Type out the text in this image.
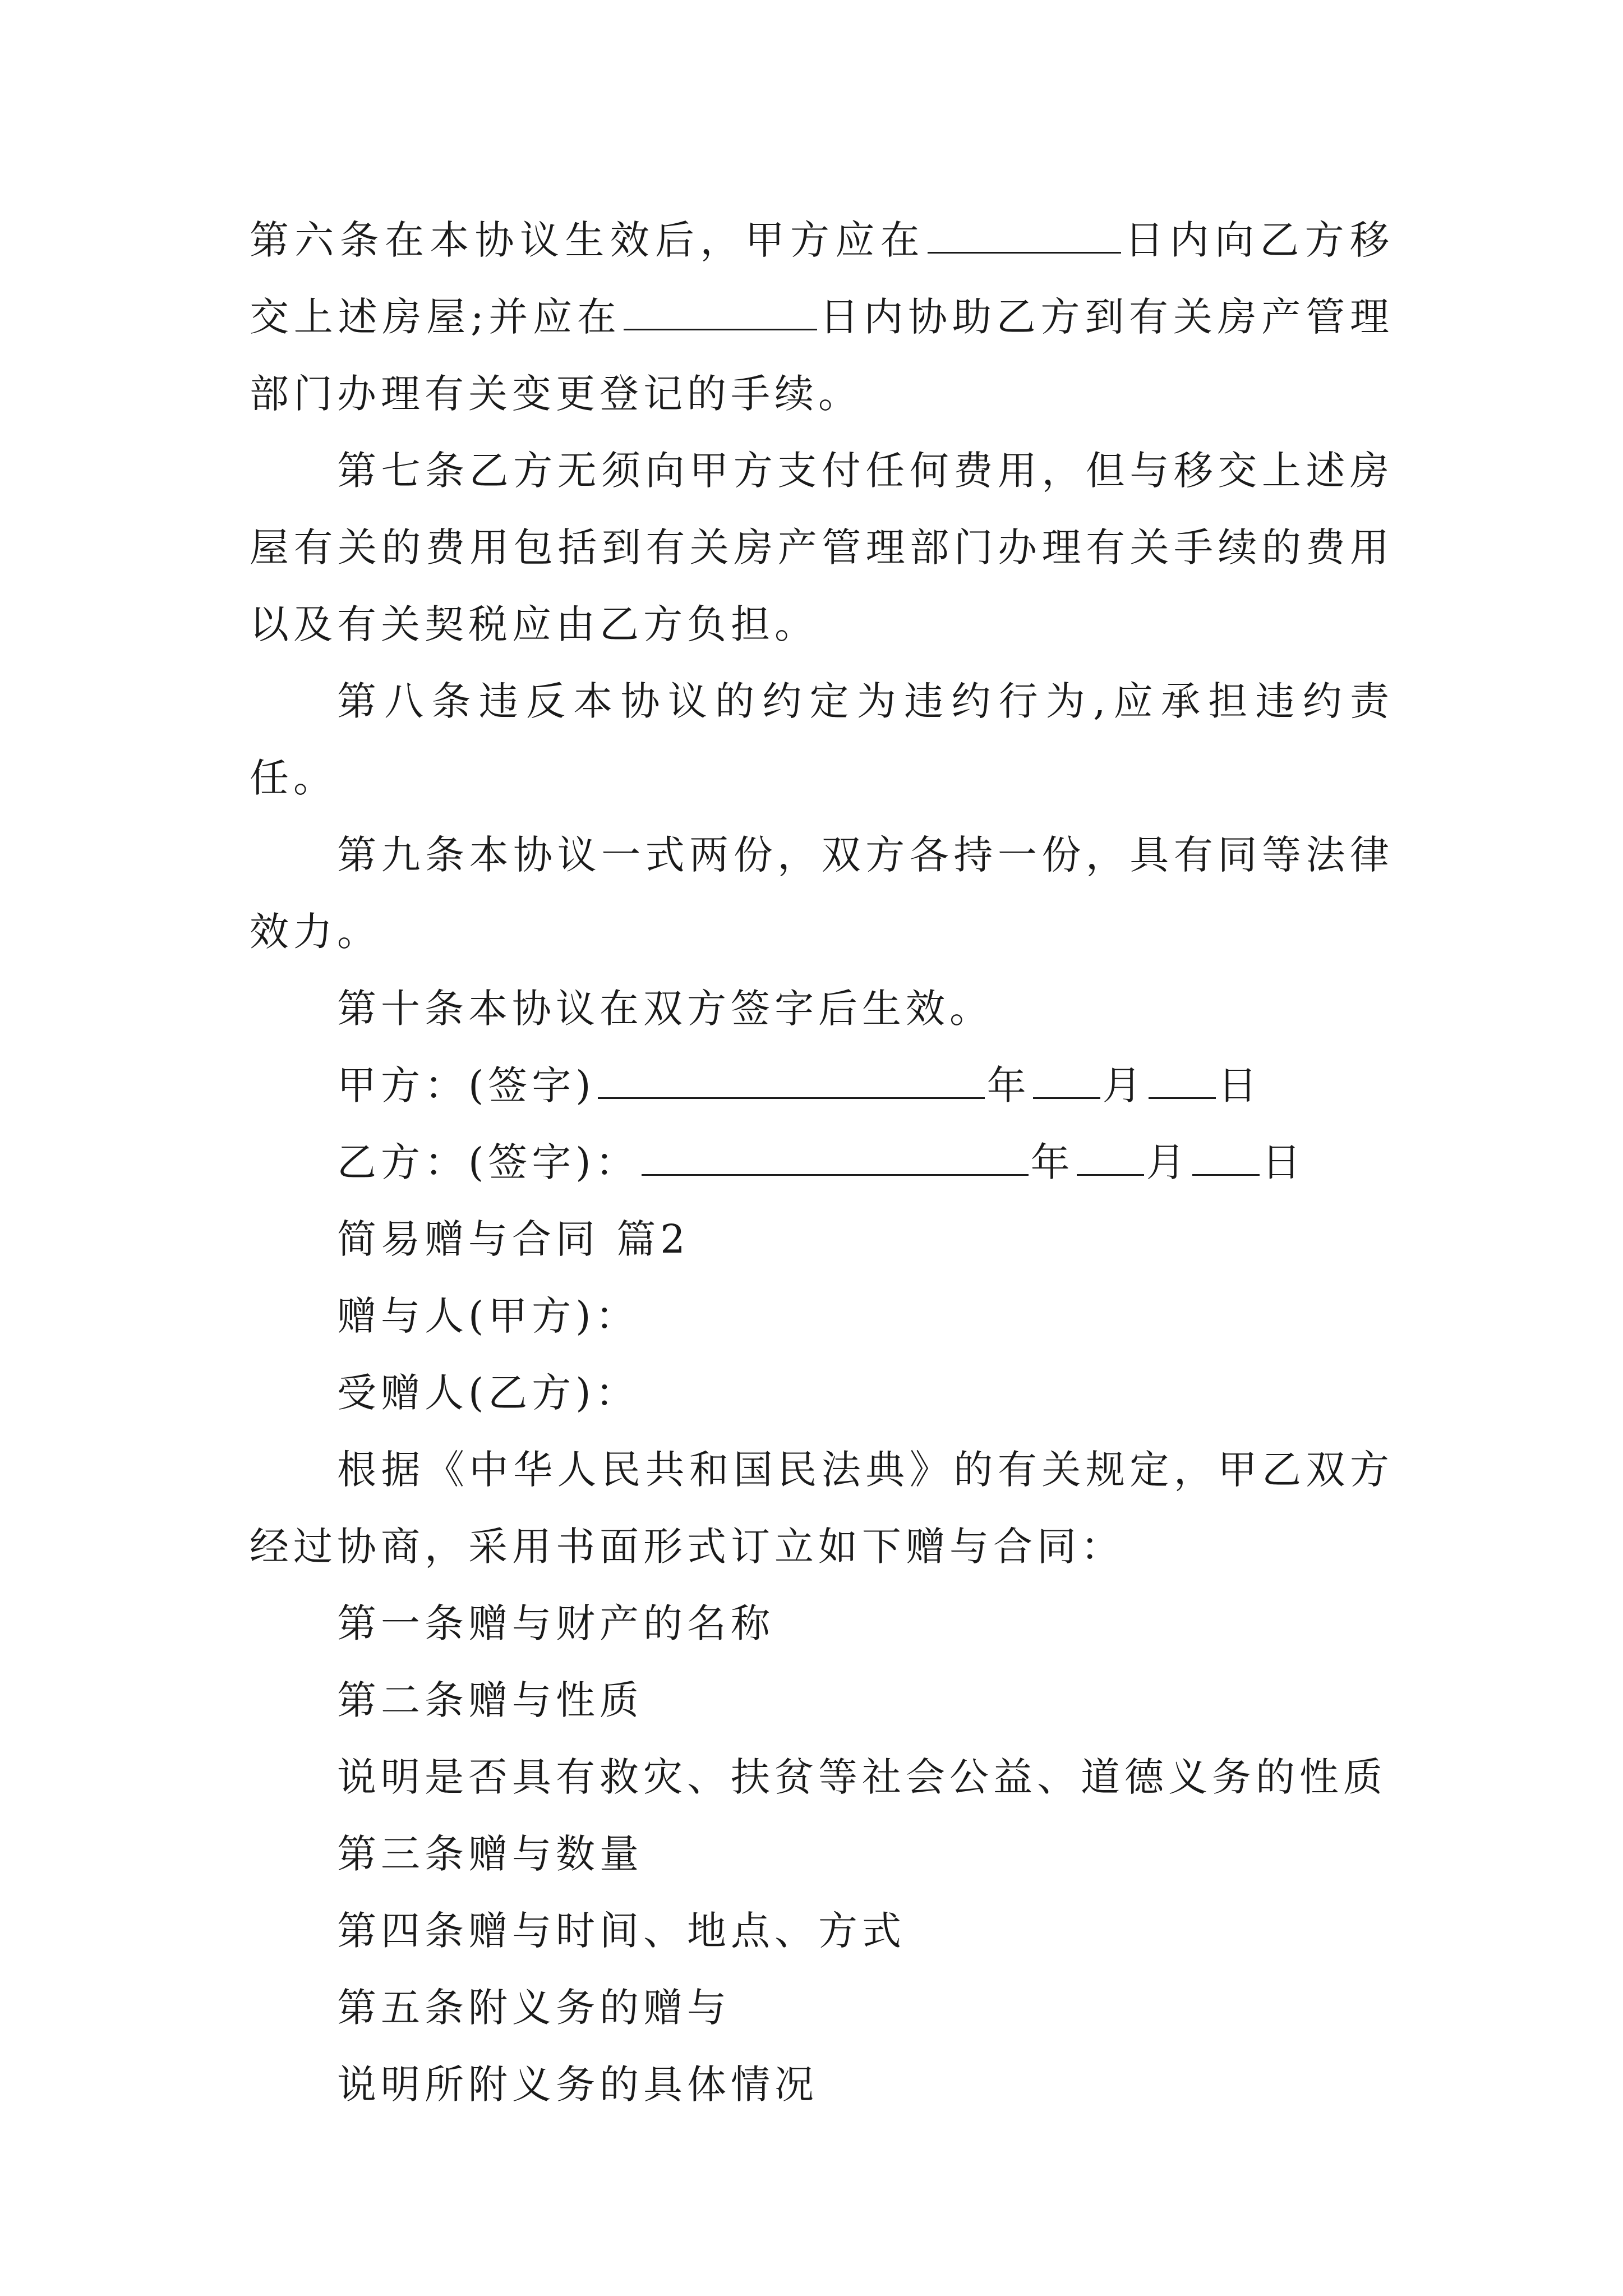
第六条在本协议生效后，甲方应在	日内向乙方移交上述房屋;并应在	日内协助乙方到有关房产管理部门办理有关变更登记的手续。

第七条乙方无须向甲方支付任何费用，但与移交上述房屋有关的费用包括到有关房产管理部门办理有关手续的费用以及有关契税应由乙方负担。

第八条违反本协议的约定为违约行为,应承担违约责任。

第九条本协议一式两份，双方各持一份，具有同等法律效力。

第十条本协议在双方签字后生效。

甲方：(签字)	年 月 日

乙方：(签字)：	年 月 日

简易赠与合同 篇2

赠与人(甲方)：

受赠人(乙方)：

根据《中华人民共和国民法典》的有关规定，甲乙双方经过协商，采用书面形式订立如下赠与合同：

第一条赠与财产的名称

第二条赠与性质

说明是否具有救灾、扶贫等社会公益、道德义务的性质

第三条赠与数量

第四条赠与时间、地点、方式

第五条附义务的赠与

说明所附义务的具体情况
